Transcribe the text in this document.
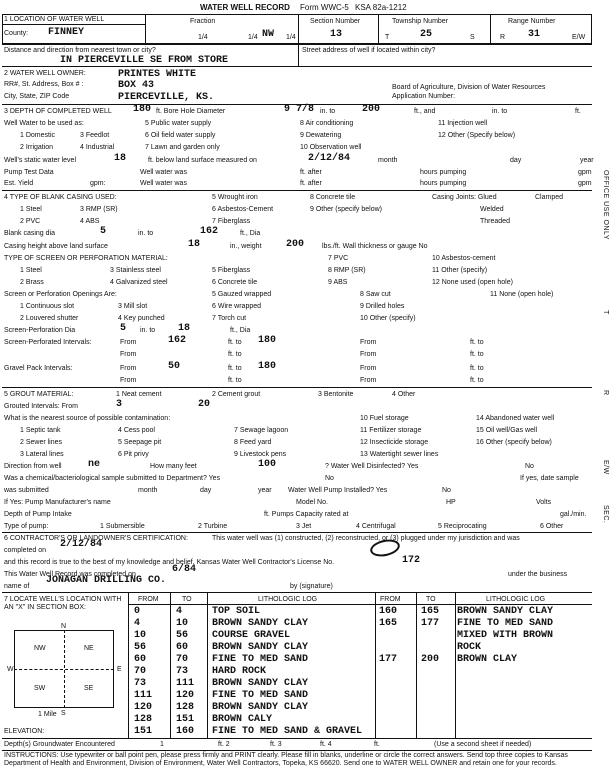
WATER WELL RECORD Form WWC-5 KSA 82a-1212
1 LOCATION OF WATER WELL
County: FINNEY
Fraction
1/4	1/4 NW 1/4
Section Number
13
Township Number
T	25	S
Range Number
R 31	E/W
Distance and direction from nearest town or city?
IN PIERCEVILLE SE FROM STORE
Street address of well if located within city?
2 WATER WELL OWNER:	PRINTES WHITE
RR#, St. Address, Box # :	BOX 43
City, State, ZIP Code	PIERCEVILLE, KS.
Board of Agriculture, Division of Water Resources
Application Number:
3 DEPTH OF COMPLETED WELL 180 ft. Bore Hole Diameter	9 7/8 in. to	200	ft., and	in. to	ft.
Well Water to be used as:
1 Domestic	3 Feedlot
5 Public water supply	8 Air conditioning	11 Injection well
2 Irrigation	4 Industrial
6 Oil field water supply	9 Dewatering	12 Other (Specify below)
7 Lawn and garden only	10 Observation well
Well's static water level	18	ft. below land surface measured on	2/12/84	month	day	year
Pump Test Data	Well water was	ft. after	hours pumping	gpm
Est. Yield	gpm:	Well water was	ft. after	hours pumping	gpm
4 TYPE OF BLANK CASING USED:
1 Steel	3 RMP (SR)
5 Wrought iron
6 Asbestos-Cement
7 Fiberglass
8 Concrete tile
9 Other (specify below)
2 PVC	4 ABS
Casing Joints: Glued	Clamped
Welded
Threaded
Blank casing dia	5	in. to	162	ft., Dia
Casing height above land surface	18	in., weight 200	lbs./ft. Wall thickness or gauge No
TYPE OF SCREEN OR PERFORATION MATERIAL:
1 Steel	3 Stainless steel	5 Fiberglass
7 PVC	10 Asbestos-cement
2 Brass	4 Galvanized steel	6 Concrete tile
8 RMP (SR)
9 ABS
11 Other (specify)
12 None used (open hole)
Screen or Perforation Openings Are:	5 Gauzed wrapped	8 Saw cut	11 None (open hole)
1 Continuous slot	3 Mill slot	6 Wire wrapped	9 Drilled holes
2 Louvered shutter	4 Key punched	7 Torch cut	10 Other (specify)
Screen-Perforation Dia	5 in. to 18	ft., Dia
Screen-Perforated Intervals:	From	162	ft. to 180	From	ft. to
From	ft. to	From	ft. to
Gravel Pack Intervals:	From	50	ft. to 180	From	ft. to
From	ft. to	From	ft. to
5 GROUT MATERIAL:	1 Neat cement	2 Cement grout	3 Bentonite	4 Other
Grouted Intervals: From	3	20
What is the nearest source of possible contamination:
1 Septic tank	4 Cess pool	7 Sewage lagoon
10 Fuel storage	14 Abandoned water well
2 Sewer lines	5 Seepage pit	8 Feed yard
11 Fertilizer storage	15 Oil well/Gas well
3 Lateral lines	6 Pit privy	9 Livestock pens
12 Insecticide storage	16 Other (specify below)
13 Watertight sewer lines
Direction from well	ne	How many feet	100	? Water Well Disinfected? Yes	No
Was a chemical/bacteriological sample submitted to Department? Yes	No	If yes, date sample
was submitted	month	day	year Water Well Pump Installed? Yes	No
If Yes: Pump Manufacturer's name	Model No.	HP	Volts
Depth of Pump Intake	ft. Pumps Capacity rated at	gal./min.
Type of pump:	1 Submersible	2 Turbine	3 Jet	4 Centrifugal	5 Reciprocating	6 Other
6 CONTRACTOR'S OR LANDOWNER'S CERTIFICATION:	This water well was (1) constructed, (2) reconstructed, or (3) plugged under my jurisdiction and was
completed on
2/12/84
and this record is true to the best of my knowledge and belief. Kansas Water Well Contractor's License No.	172
This Water Well Record was completed on	6/84	under the business
name of
JONAGAN DRILLING CO.
by (signature)
7 LOCATE WELL'S LOCATION WITH AN "X" IN SECTION BOX:
N
S
E
W
NW	NE
SW	SE
1 Mile
ELEVATION:
FROM	TO	LITHOLOGIC LOG	FROM	TO	LITHOLOGIC LOG
0	4	TOP SOIL
4	10 BROWN SANDY CLAY
10	56 COURSE GRAVEL
56	60 BROWN SANDY CLAY
60	70 FINE TO MED SAND
70	73 HARD ROCK
73	111 BROWN SANDY CLAY
111 120 FINE TO MED SAND
120 128 BROWN SANDY CLAY
128 151 BROWN CALY
151 160 FINE TO MED SAND & GRAVEL
160 165 BROWN SANDY CLAY
165 177 FINE TO MED SAND
MIXED WITH BROWN
ROCK
177 200 BROWN CLAY
Depth(s) Groundwater Encountered	1	ft. 2	ft. 3	ft. 4	ft.	(Use a second sheet if needed)
INSTRUCTIONS: Use typewriter or ball point pen, please press firmly and PRINT clearly. Please fill in blanks, underline or circle the correct answers. Send top three copies to Kansas Department of Health and Environment, Division of Environment, Water Well Contractors, Topeka, KS 66620. Send one to WATER WELL OWNER and retain one for your records.
OFFICE USE ONLY
T
R
E/W
SEC.
